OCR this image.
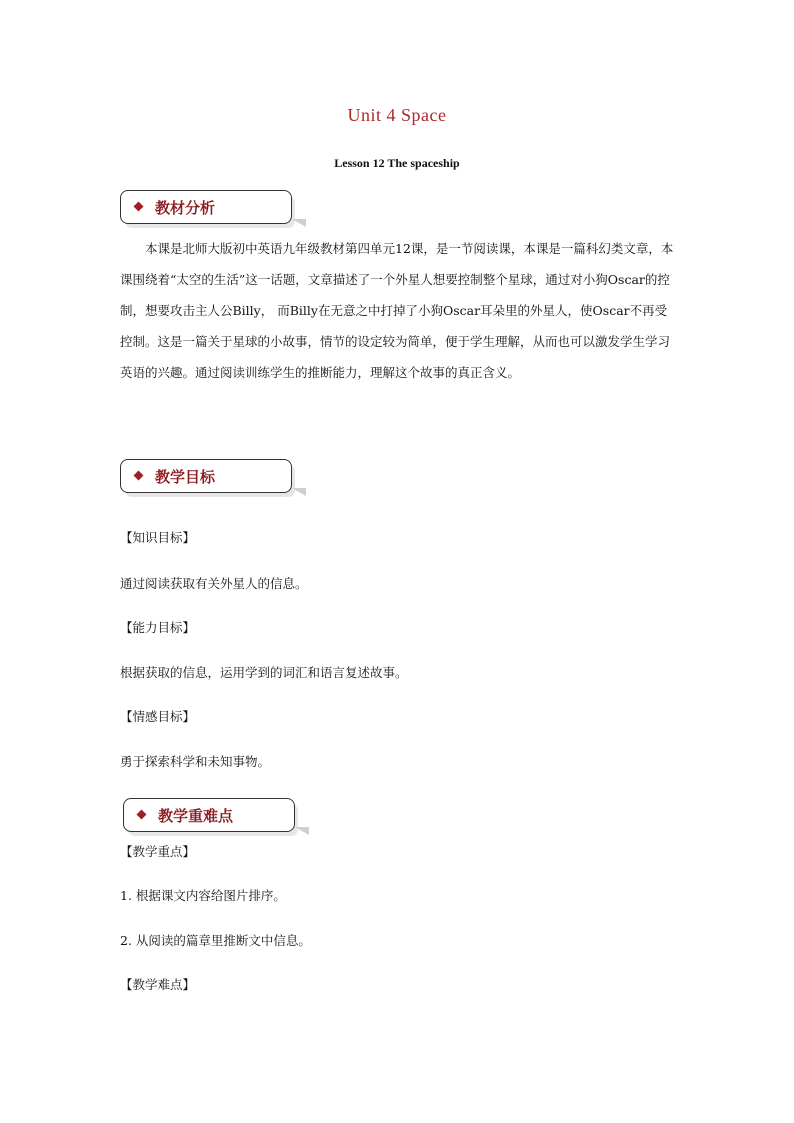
Unit 4 Space
Lesson 12 The spaceship
教材分析
本课是北师大版初中英语九年级教材第四单元12课，是一节阅读课，本课是一篇科幻类文章，本课围绕着“太空的生活”这一话题，文章描述了一个外星人想要控制整个星球，通过对小狗Oscar的控制，想要攻击主人公Billy， 而Billy在无意之中打掉了小狗Oscar耳朵里的外星人，使Oscar不再受控制。这是一篇关于星球的小故事，情节的设定较为简单，便于学生理解，从而也可以激发学生学习英语的兴趣。通过阅读训练学生的推断能力，理解这个故事的真正含义。
教学目标
【知识目标】
通过阅读获取有关外星人的信息。
【能力目标】
根据获取的信息，运用学到的词汇和语言复述故事。
【情感目标】
勇于探索科学和未知事物。
教学重难点
【教学重点】
1. 根据课文内容给图片排序。
2. 从阅读的篇章里推断文中信息。
【教学难点】
